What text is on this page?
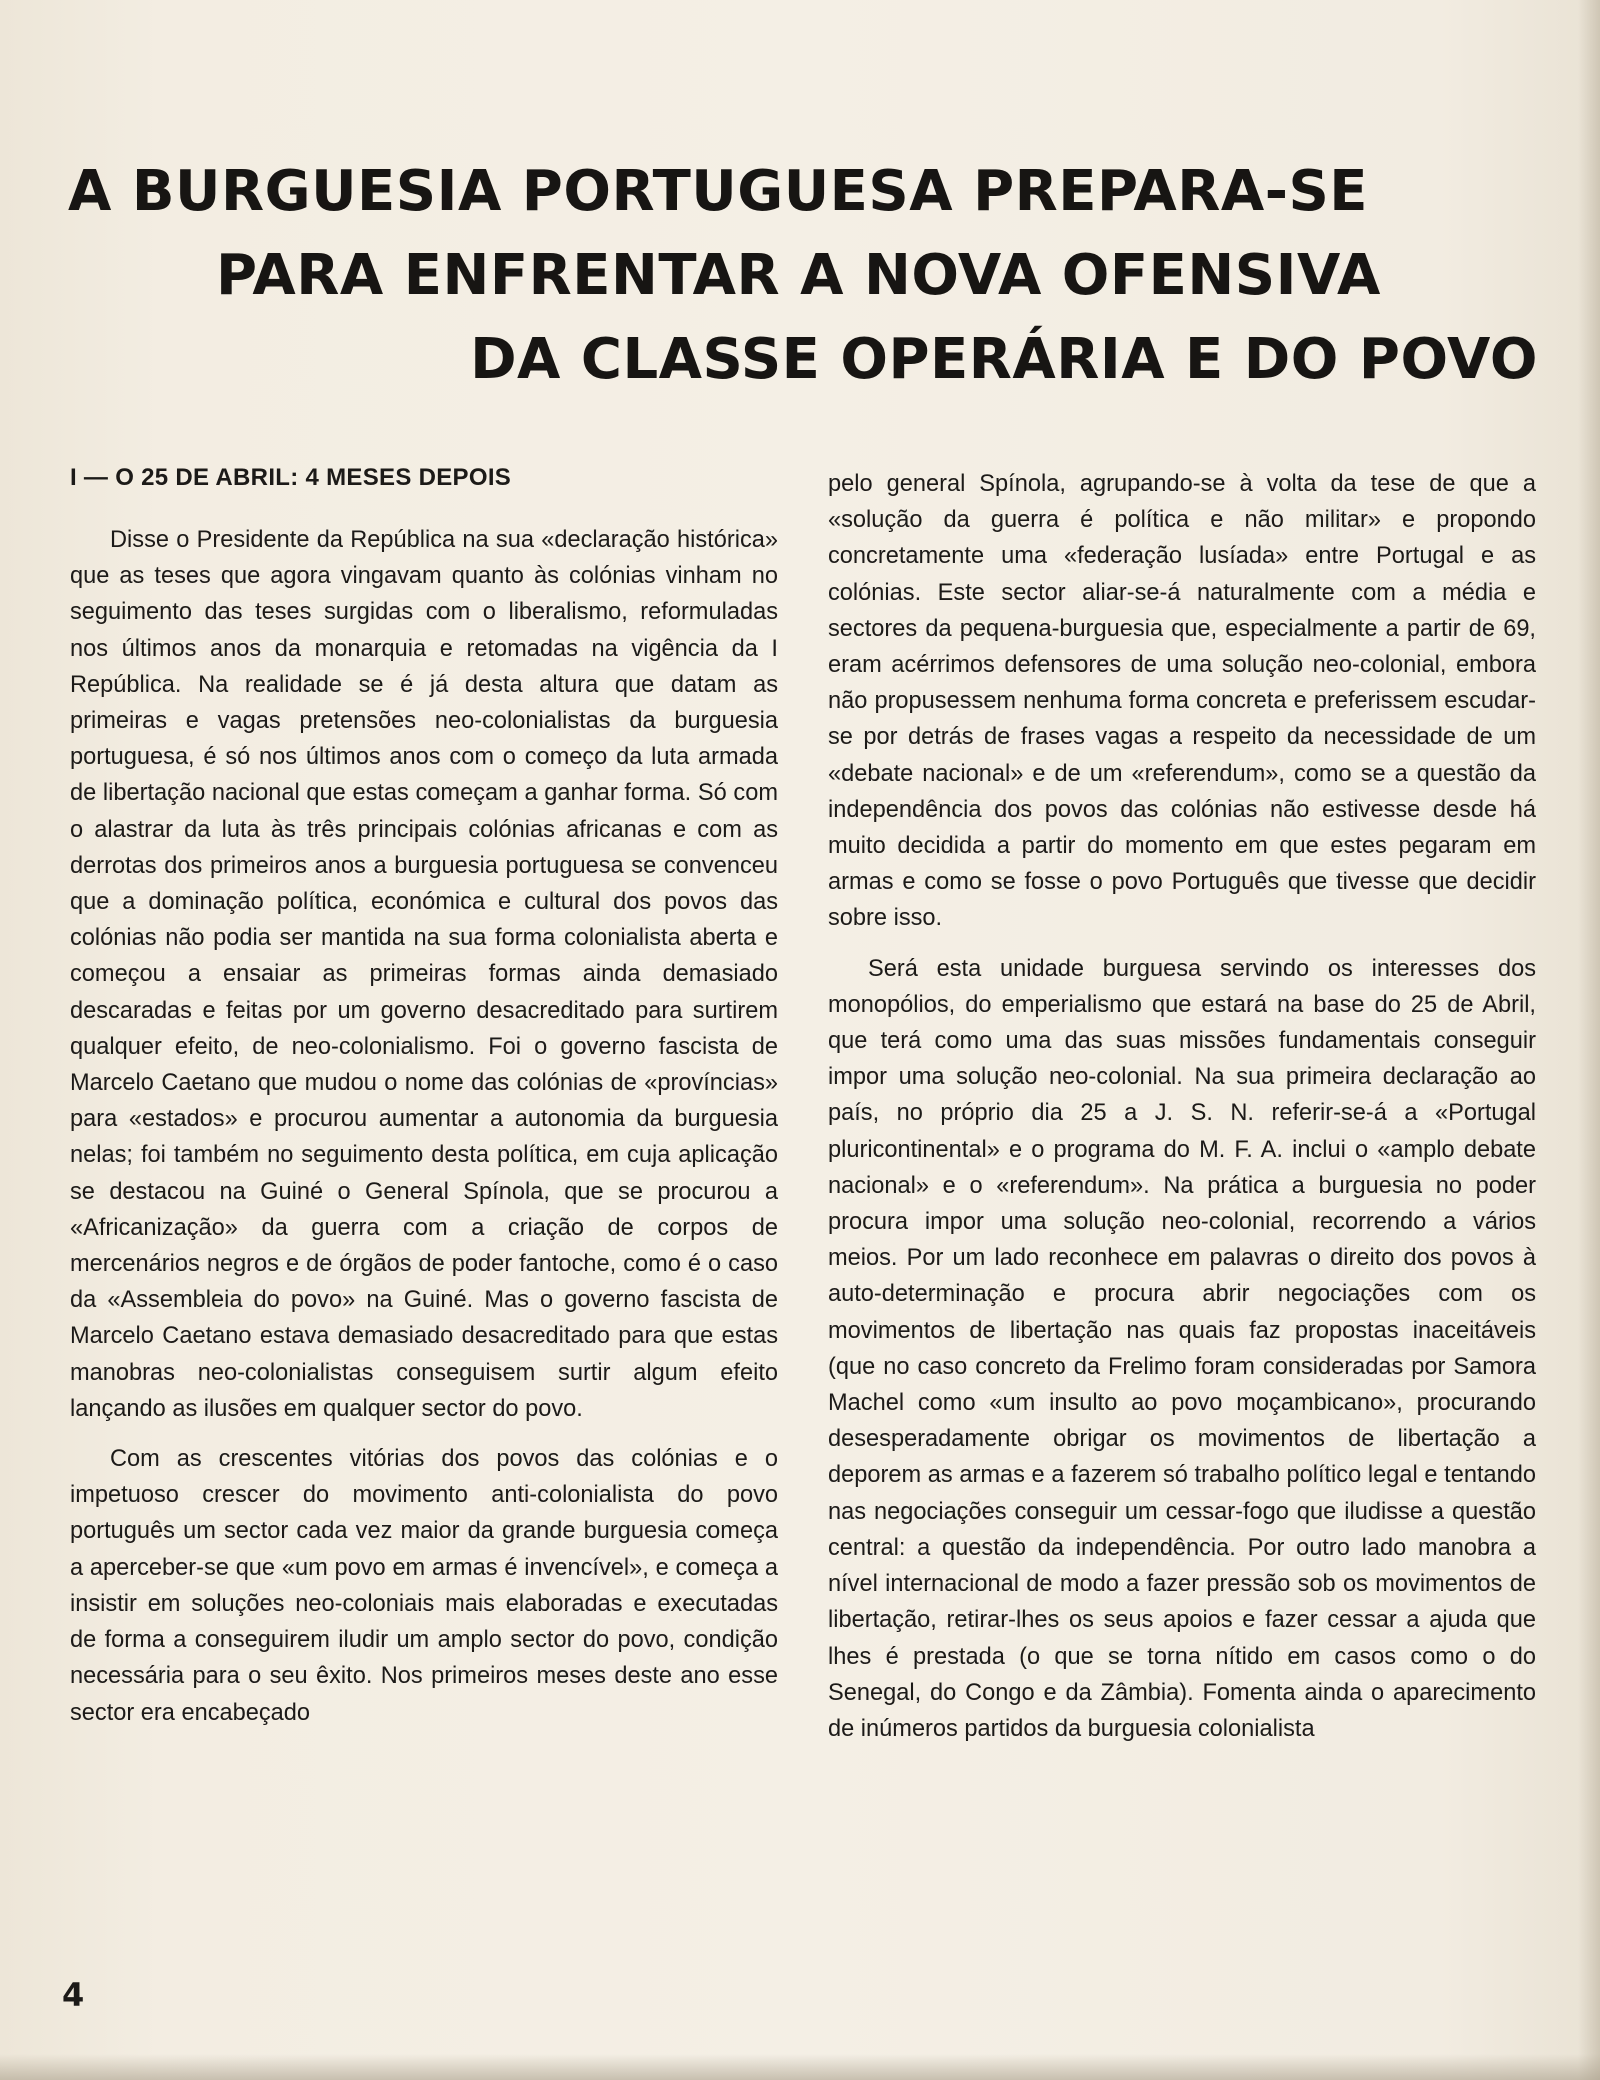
A BURGUESIA PORTUGUESA PREPARA-SE
PARA ENFRENTAR A NOVA OFENSIVA
DA CLASSE OPERÁRIA E DO POVO
I — O 25 DE ABRIL: 4 MESES DEPOIS

Disse o Presidente da República na sua «declaração histórica» que as teses que agora vingavam quanto às colónias vinham no seguimento das teses surgidas com o liberalismo, reformuladas nos últimos anos da monarquia e retomadas na vigência da I República. Na realidade se é já desta altura que datam as primeiras e vagas pretensões neo-colonialistas da burguesia portuguesa, é só nos últimos anos com o começo da luta armada de libertação nacional que estas começam a ganhar forma. Só com o alastrar da luta às três principais colónias africanas e com as derrotas dos primeiros anos a burguesia portuguesa se convenceu que a dominação política, económica e cultural dos povos das colónias não podia ser mantida na sua forma colonialista aberta e começou a ensaiar as primeiras formas ainda demasiado descaradas e feitas por um governo desacreditado para surtirem qualquer efeito, de neo-colonialismo. Foi o governo fascista de Marcelo Caetano que mudou o nome das colónias de «províncias» para «estados» e procurou aumentar a autonomia da burguesia nelas; foi também no seguimento desta política, em cuja aplicação se destacou na Guiné o General Spínola, que se procurou a «Africanização» da guerra com a criação de corpos de mercenários negros e de órgãos de poder fantoche, como é o caso da «Assembleia do povo» na Guiné. Mas o governo fascista de Marcelo Caetano estava demasiado desacreditado para que estas manobras neo-colonialistas conseguisem surtir algum efeito lançando as ilusões em qualquer sector do povo.

Com as crescentes vitórias dos povos das colónias e o impetuoso crescer do movimento anti-colonialista do povo português um sector cada vez maior da grande burguesia começa a aperceber-se que «um povo em armas é invencível», e começa a insistir em soluções neo-coloniais mais elaboradas e executadas de forma a conseguirem iludir um amplo sector do povo, condição necessária para o seu êxito. Nos primeiros meses deste ano esse sector era encabeçado

pelo general Spínola, agrupando-se à volta da tese de que a «solução da guerra é política e não militar» e propondo concretamente uma «federação lusíada» entre Portugal e as colónias. Este sector aliar-se-á naturalmente com a média e sectores da pequena-burguesia que, especialmente a partir de 69, eram acérrimos defensores de uma solução neo-colonial, embora não propusessem nenhuma forma concreta e preferissem escudar-se por detrás de frases vagas a respeito da necessidade de um «debate nacional» e de um «referendum», como se a questão da independência dos povos das colónias não estivesse desde há muito decidida a partir do momento em que estes pegaram em armas e como se fosse o povo Português que tivesse que decidir sobre isso.

Será esta unidade burguesa servindo os interesses dos monopólios, do emperialismo que estará na base do 25 de Abril, que terá como uma das suas missões fundamentais conseguir impor uma solução neo-colonial. Na sua primeira declaração ao país, no próprio dia 25 a J. S. N. referir-se-á a «Portugal pluricontinental» e o programa do M. F. A. inclui o «amplo debate nacional» e o «referendum». Na prática a burguesia no poder procura impor uma solução neo-colonial, recorrendo a vários meios. Por um lado reconhece em palavras o direito dos povos à auto-determinação e procura abrir negociações com os movimentos de libertação nas quais faz propostas inaceitáveis (que no caso concreto da Frelimo foram consideradas por Samora Machel como «um insulto ao povo moçambicano», procurando desesperadamente obrigar os movimentos de libertação a deporem as armas e a fazerem só trabalho político legal e tentando nas negociações conseguir um cessar-fogo que iludisse a questão central: a questão da independência. Por outro lado manobra a nível internacional de modo a fazer pressão sob os movimentos de libertação, retirar-lhes os seus apoios e fazer cessar a ajuda que lhes é prestada (o que se torna nítido em casos como o do Senegal, do Congo e da Zâmbia). Fomenta ainda o aparecimento de inúmeros partidos da burguesia colonialista

4
